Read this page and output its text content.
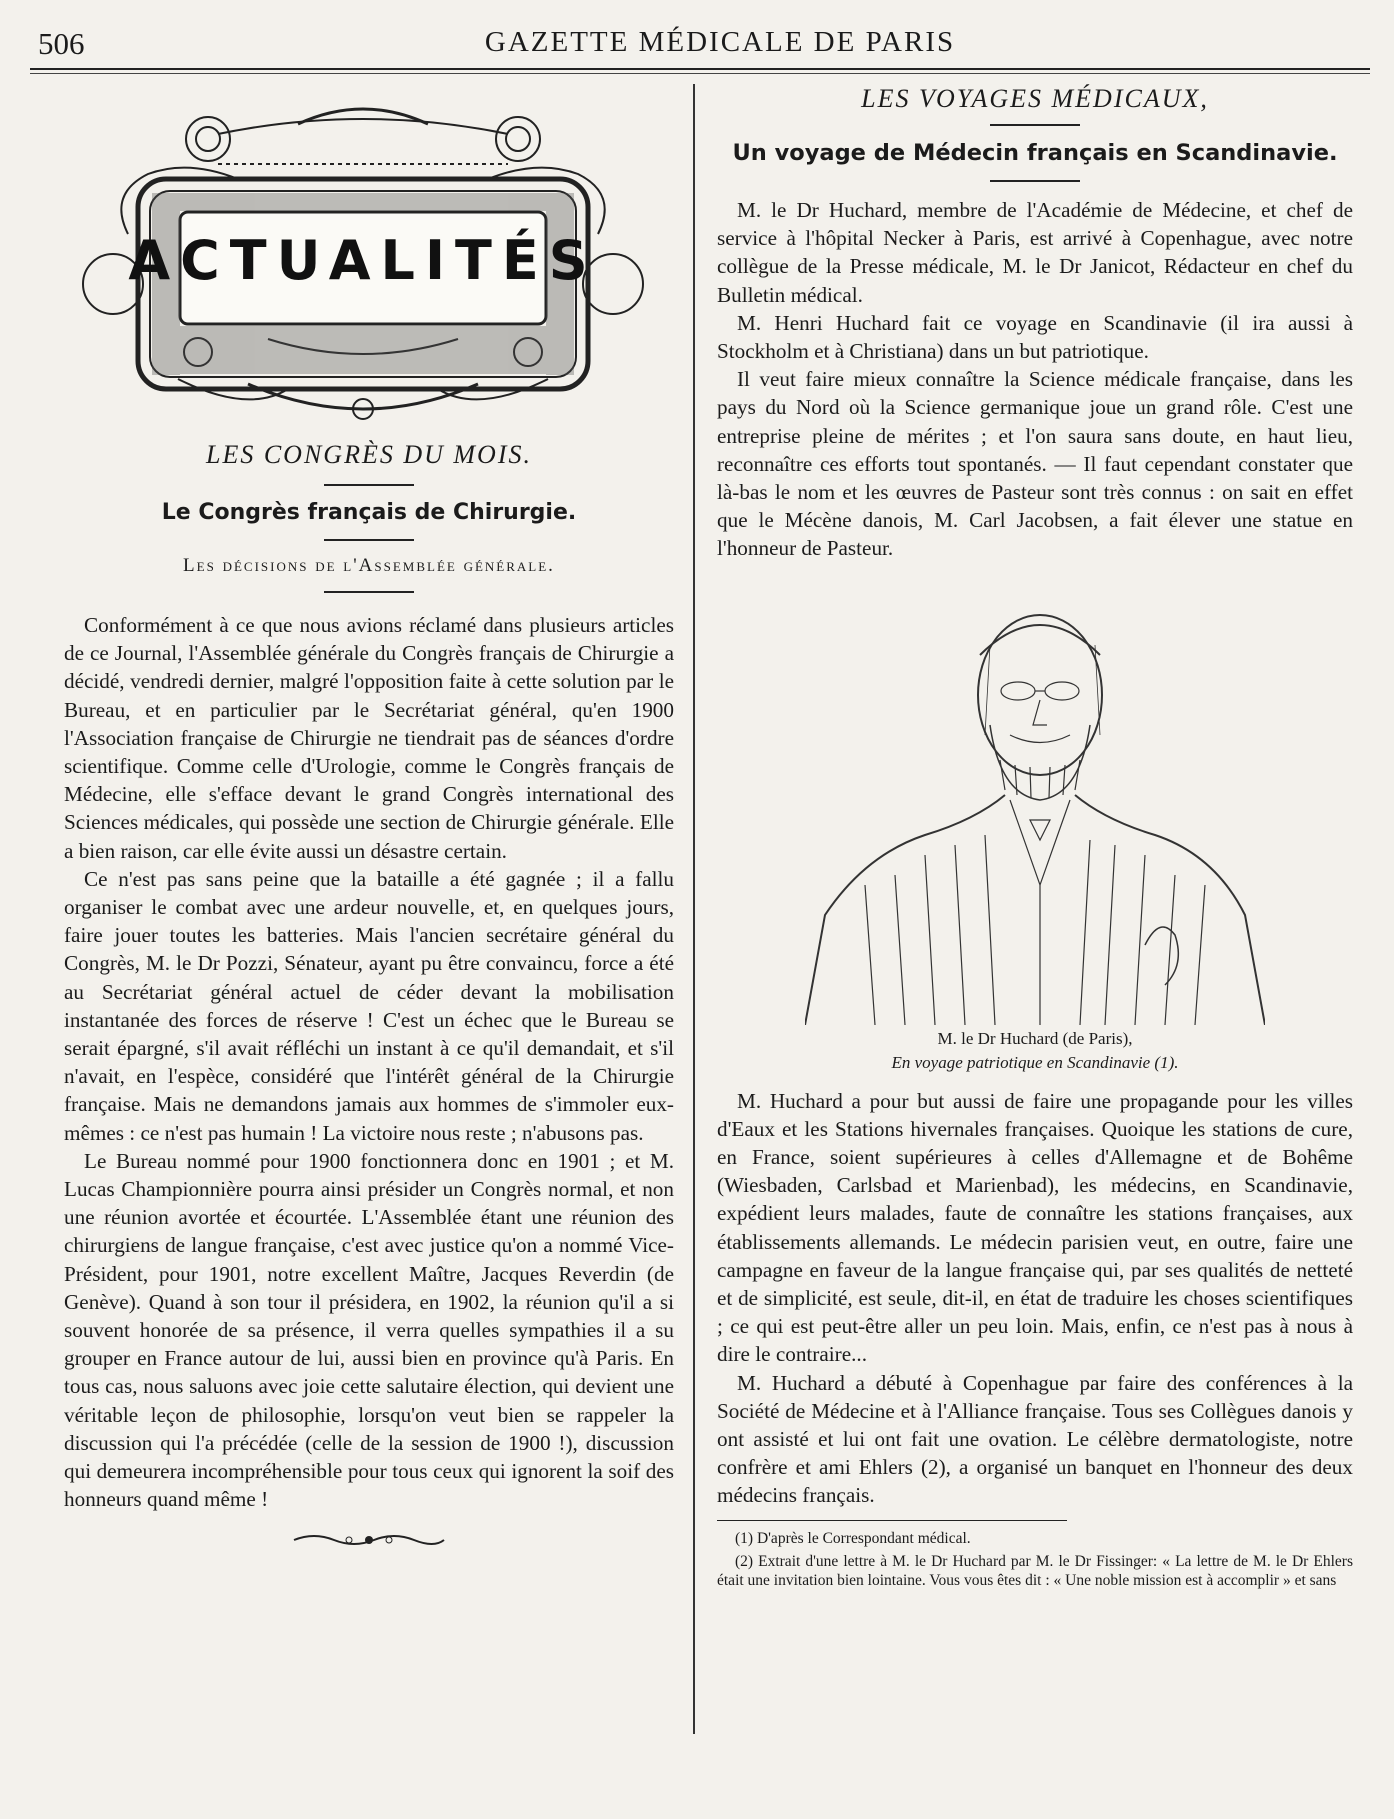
506	GAZETTE MÉDICALE DE PARIS
ACTUALITÉS
LES CONGRÈS DU MOIS.
Le Congrès français de Chirurgie.
Les décisions de l'Assemblée générale.

Conformément à ce que nous avions réclamé dans plusieurs articles de ce Journal, l'Assemblée générale du Congrès français de Chirurgie a décidé, vendredi dernier, malgré l'opposition faite à cette solution par le Bureau, et en particulier par le Secrétariat général, qu'en 1900 l'Association française de Chirurgie ne tiendrait pas de séances d'ordre scientifique. Comme celle d'Urologie, comme le Congrès français de Médecine, elle s'efface devant le grand Congrès international des Sciences médicales, qui possède une section de Chirurgie générale. Elle a bien raison, car elle évite aussi un désastre certain.

Ce n'est pas sans peine que la bataille a été gagnée ; il a fallu organiser le combat avec une ardeur nouvelle, et, en quelques jours, faire jouer toutes les batteries. Mais l'ancien secrétaire général du Congrès, M. le Dr Pozzi, Sénateur, ayant pu être convaincu, force a été au Secrétariat général actuel de céder devant la mobilisation instantanée des forces de réserve ! C'est un échec que le Bureau se serait épargné, s'il avait réfléchi un instant à ce qu'il demandait, et s'il n'avait, en l'espèce, considéré que l'intérêt général de la Chirurgie française. Mais ne demandons jamais aux hommes de s'immoler eux-mêmes : ce n'est pas humain ! La victoire nous reste ; n'abusons pas.

Le Bureau nommé pour 1900 fonctionnera donc en 1901 ; et M. Lucas Championnière pourra ainsi présider un Congrès normal, et non une réunion avortée et écourtée. L'Assemblée étant une réunion des chirurgiens de langue française, c'est avec justice qu'on a nommé Vice-Président, pour 1901, notre excellent Maître, Jacques Reverdin (de Genève). Quand à son tour il présidera, en 1902, la réunion qu'il a si souvent honorée de sa présence, il verra quelles sympathies il a su grouper en France autour de lui, aussi bien en province qu'à Paris. En tous cas, nous saluons avec joie cette salutaire élection, qui devient une véritable leçon de philosophie, lorsqu'on veut bien se rappeler la discussion qui l'a précédée (celle de la session de 1900 !), discussion qui demeurera incompréhensible pour tous ceux qui ignorent la soif des honneurs quand même !

LES VOYAGES MÉDICAUX,
Un voyage de Médecin français en Scandinavie.

M. le Dr Huchard, membre de l'Académie de Médecine, et chef de service à l'hôpital Necker à Paris, est arrivé à Copenhague, avec notre collègue de la Presse médicale, M. le Dr Janicot, Rédacteur en chef du Bulletin médical.

M. Henri Huchard fait ce voyage en Scandinavie (il ira aussi à Stockholm et à Christiana) dans un but patriotique.

Il veut faire mieux connaître la Science médicale française, dans les pays du Nord où la Science germanique joue un grand rôle. C'est une entreprise pleine de mérites ; et l'on saura sans doute, en haut lieu, reconnaître ces efforts tout spontanés. — Il faut cependant constater que là-bas le nom et les œuvres de Pasteur sont très connus : on sait en effet que le Mécène danois, M. Carl Jacobsen, a fait élever une statue en l'honneur de Pasteur.

M. le Dr Huchard (de Paris),
En voyage patriotique en Scandinavie (1).

M. Huchard a pour but aussi de faire une propagande pour les villes d'Eaux et les Stations hivernales françaises. Quoique les stations de cure, en France, soient supérieures à celles d'Allemagne et de Bohême (Wiesbaden, Carlsbad et Marienbad), les médecins, en Scandinavie, expédient leurs malades, faute de connaître les stations françaises, aux établissements allemands. Le médecin parisien veut, en outre, faire une campagne en faveur de la langue française qui, par ses qualités de netteté et de simplicité, est seule, dit-il, en état de traduire les choses scientifiques ; ce qui est peut-être aller un peu loin. Mais, enfin, ce n'est pas à nous à dire le contraire...

M. Huchard a débuté à Copenhague par faire des conférences à la Société de Médecine et à l'Alliance française. Tous ses Collègues danois y ont assisté et lui ont fait une ovation. Le célèbre dermatologiste, notre confrère et ami Ehlers (2), a organisé un banquet en l'honneur des deux médecins français.

(1) D'après le Correspondant médical.

(2) Extrait d'une lettre à M. le Dr Huchard par M. le Dr Fissinger: « La lettre de M. le Dr Ehlers était une invitation bien lointaine. Vous vous êtes dit : « Une noble mission est à accomplir » et sans
